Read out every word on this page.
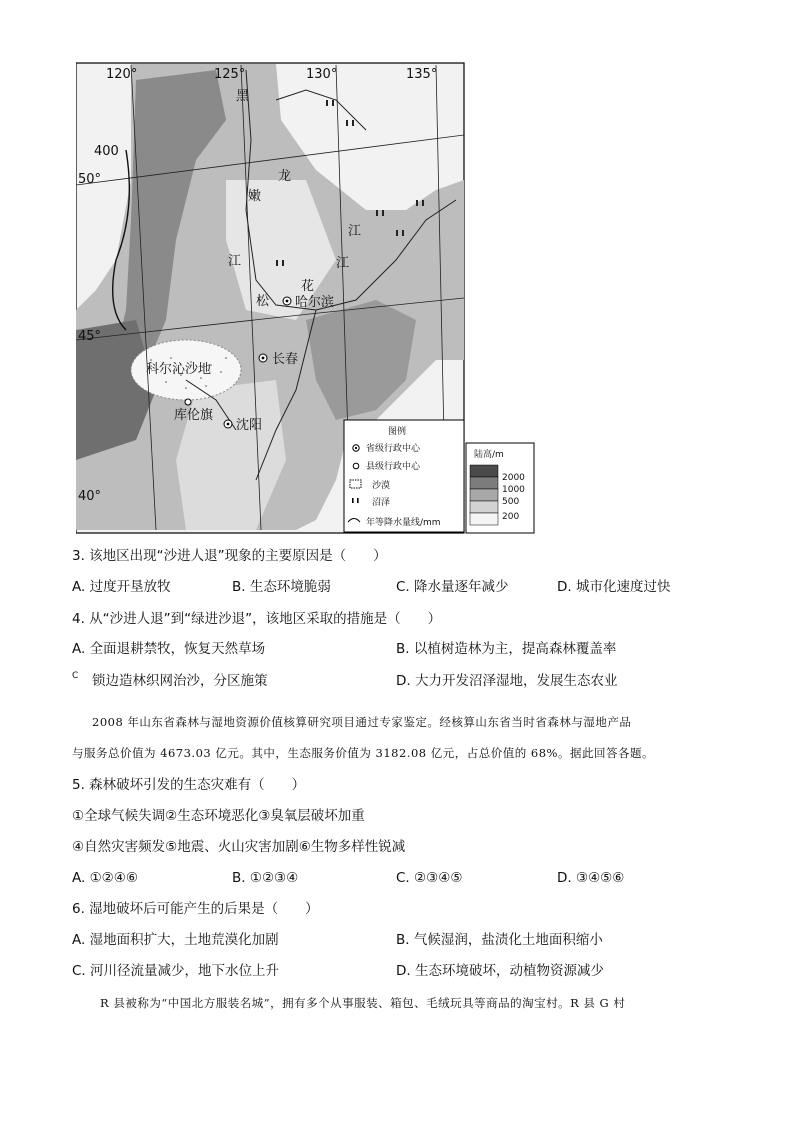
120°	125°	130°	135°
50°
45°
40°
400
黑
龙
江
嫩
江
松
花
江
哈尔滨
长春
沈阳
库伦旗
科尔沁沙地
图例
省级行政中心
县级行政中心
沙漠
沼泽
年等降水量线/mm
陆高/m
2000
1000
500
200
3. 该地区出现“沙进人退”现象的主要原因是（　　）
A. 过度开垦放牧	B. 生态环境脆弱	C. 降水量逐年减少	D. 城市化速度过快
4. 从“沙进人退”到“绿进沙退”，该地区采取的措施是（　　）
A. 全面退耕禁牧，恢复天然草场	B. 以植树造林为主，提高森林覆盖率
C 锁边造林织网治沙，分区施策	D. 大力开发沼泽湿地，发展生态农业
2008 年山东省森林与湿地资源价值核算研究项目通过专家鉴定。经核算山东省当时省森林与湿地产品
与服务总价值为 4673.03 亿元。其中，生态服务价值为 3182.08 亿元，占总价值的 68%。据此回答各题。
5. 森林破坏引发的生态灾难有（　　）
①全球气候失调②生态环境恶化③臭氧层破坏加重
④自然灾害频发⑤地震、火山灾害加剧⑥生物多样性锐减
A. ①②④⑥	B. ①②③④	C. ②③④⑤	D. ③④⑤⑥
6. 湿地破坏后可能产生的后果是（　　）
A. 湿地面积扩大，土地荒漠化加剧	B. 气候湿润，盐渍化土地面积缩小
C. 河川径流量减少，地下水位上升	D. 生态环境破坏，动植物资源减少
R 县被称为“中国北方服装名城”，拥有多个从事服装、箱包、毛绒玩具等商品的淘宝村。R 县 G 村
